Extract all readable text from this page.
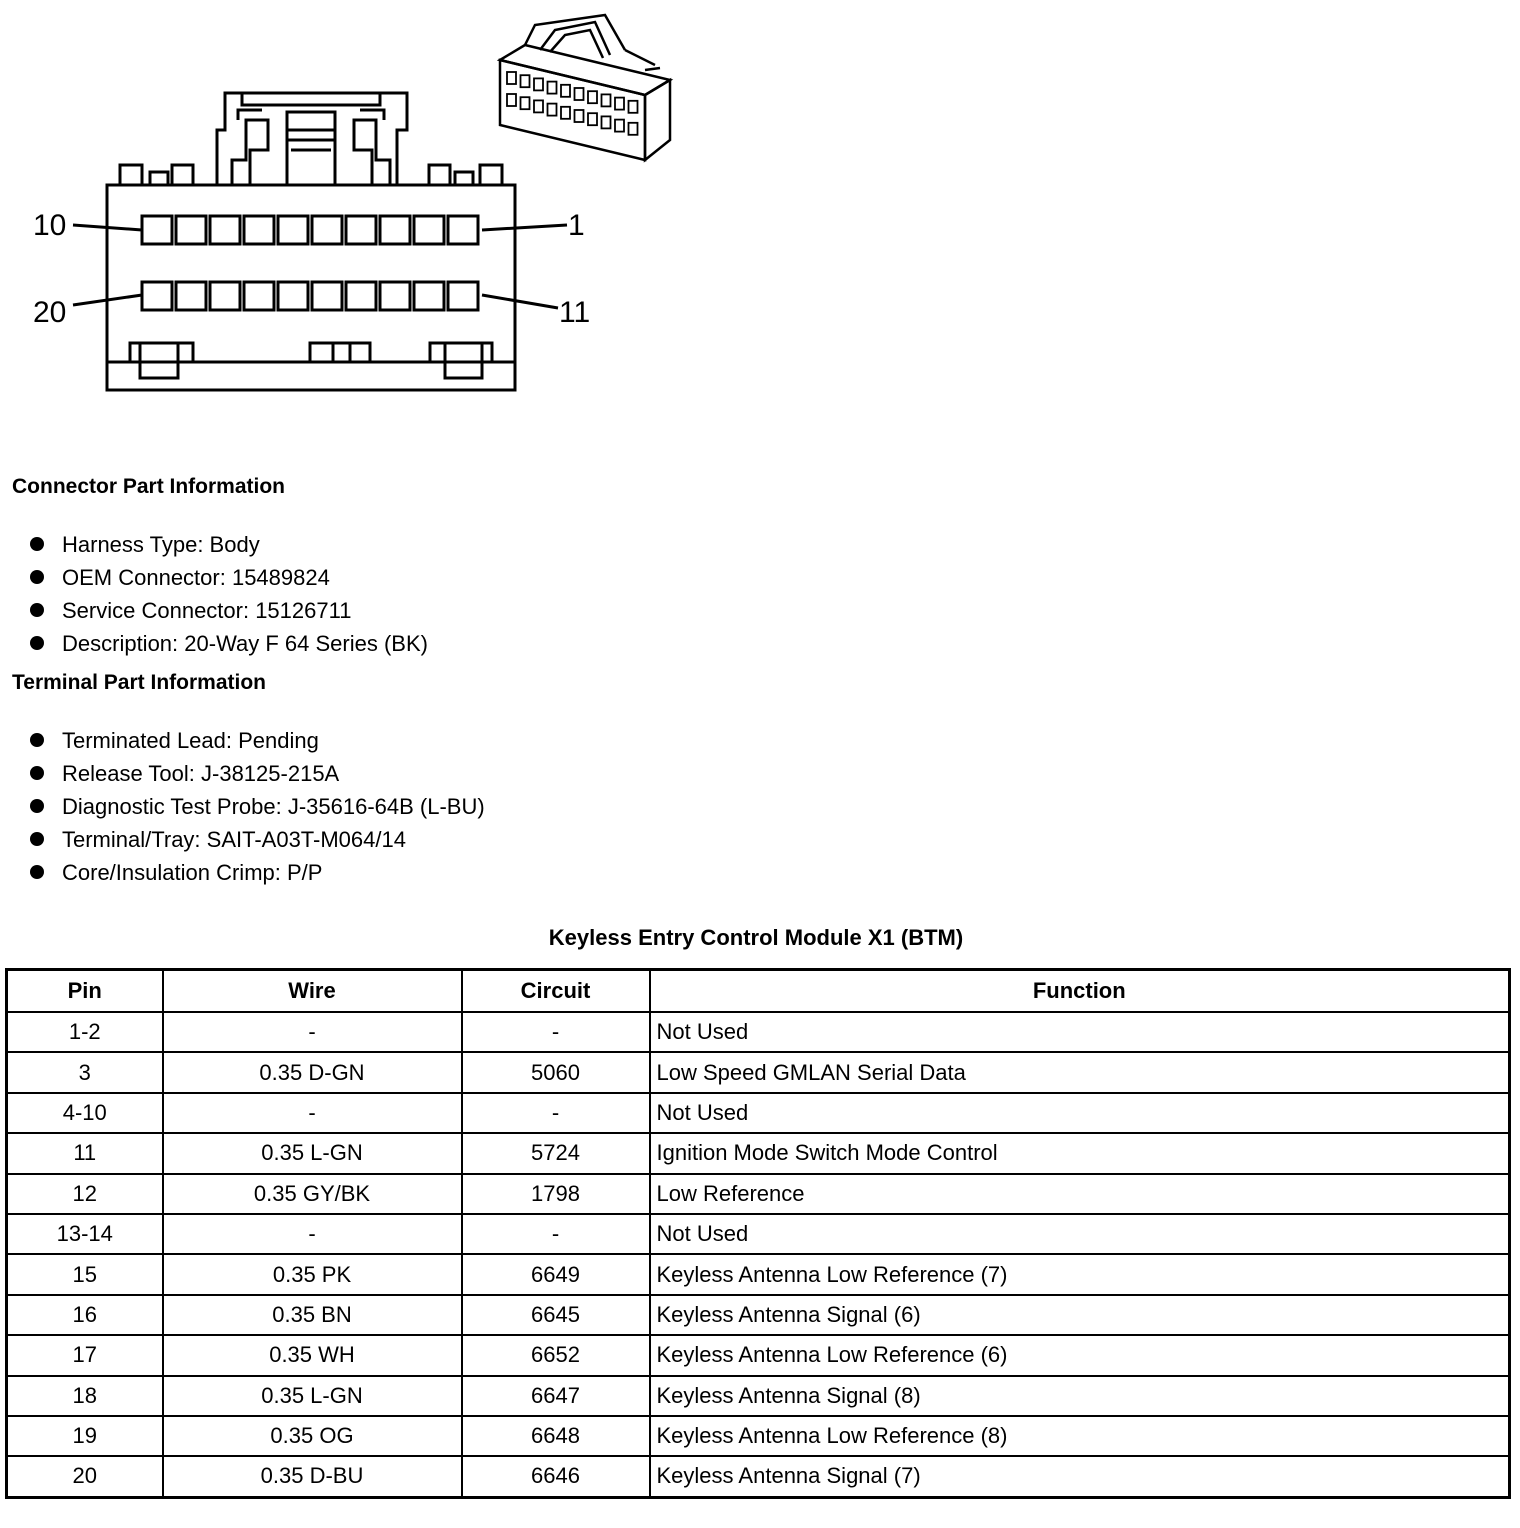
10	1
20	11
Connector Part Information
Harness Type: Body
OEM Connector: 15489824
Service Connector: 15126711
Description: 20-Way F 64 Series (BK)
Terminal Part Information
Terminated Lead: Pending
Release Tool: J-38125-215A
Diagnostic Test Probe: J-35616-64B (L-BU)
Terminal/Tray: SAIT-A03T-M064/14
Core/Insulation Crimp: P/P
Keyless Entry Control Module X1 (BTM)
Pin	Wire	Circuit	Function
1-2	-	-	Not Used
3	0.35 D-GN	5060	Low Speed GMLAN Serial Data
4-10	-	-	Not Used
11	0.35 L-GN	5724	Ignition Mode Switch Mode Control
12	0.35 GY/BK	1798	Low Reference
13-14	-	-	Not Used
15	0.35 PK	6649	Keyless Antenna Low Reference (7)
16	0.35 BN	6645	Keyless Antenna Signal (6)
17	0.35 WH	6652	Keyless Antenna Low Reference (6)
18	0.35 L-GN	6647	Keyless Antenna Signal (8)
19	0.35 OG	6648	Keyless Antenna Low Reference (8)
20	0.35 D-BU	6646	Keyless Antenna Signal (7)
